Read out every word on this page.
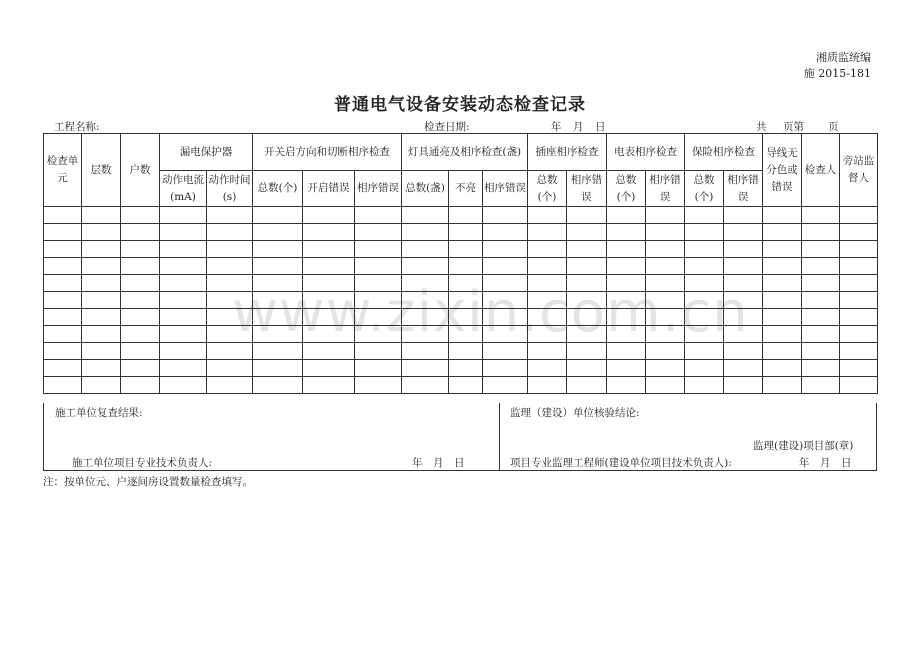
www.zixin.com.cn
湘质监统编
施 2015-181
普通电气设备安装动态检查记录
工程名称:	检查日期:	年 月 日	共 页第 页
检查单元	层数	户数	漏电保护器		开关启方向和切断相序检查			灯具通亮及相序检查(盏)			插座相序检查		电表相序检查		保险相序检查		导线无分色或错误	检查人	旁站监督人
			动作电流(mA)	动作时间(s)	总数(个)	开启错误	相序错误	总数(盏)	不亮	相序错误	总数(个)	相序错误	总数(个)	相序错误	总数(个)	相序错误			

施工单位复查结果:
施工单位项目专业技术负责人:	年　月　日
监理（建设）单位核验结论:
监理(建设)项目部(章)
项目专业监理工程师(建设单位项目技术负责人):	年　月　日
注：按单位元、户逐间房设置数量检查填写。
